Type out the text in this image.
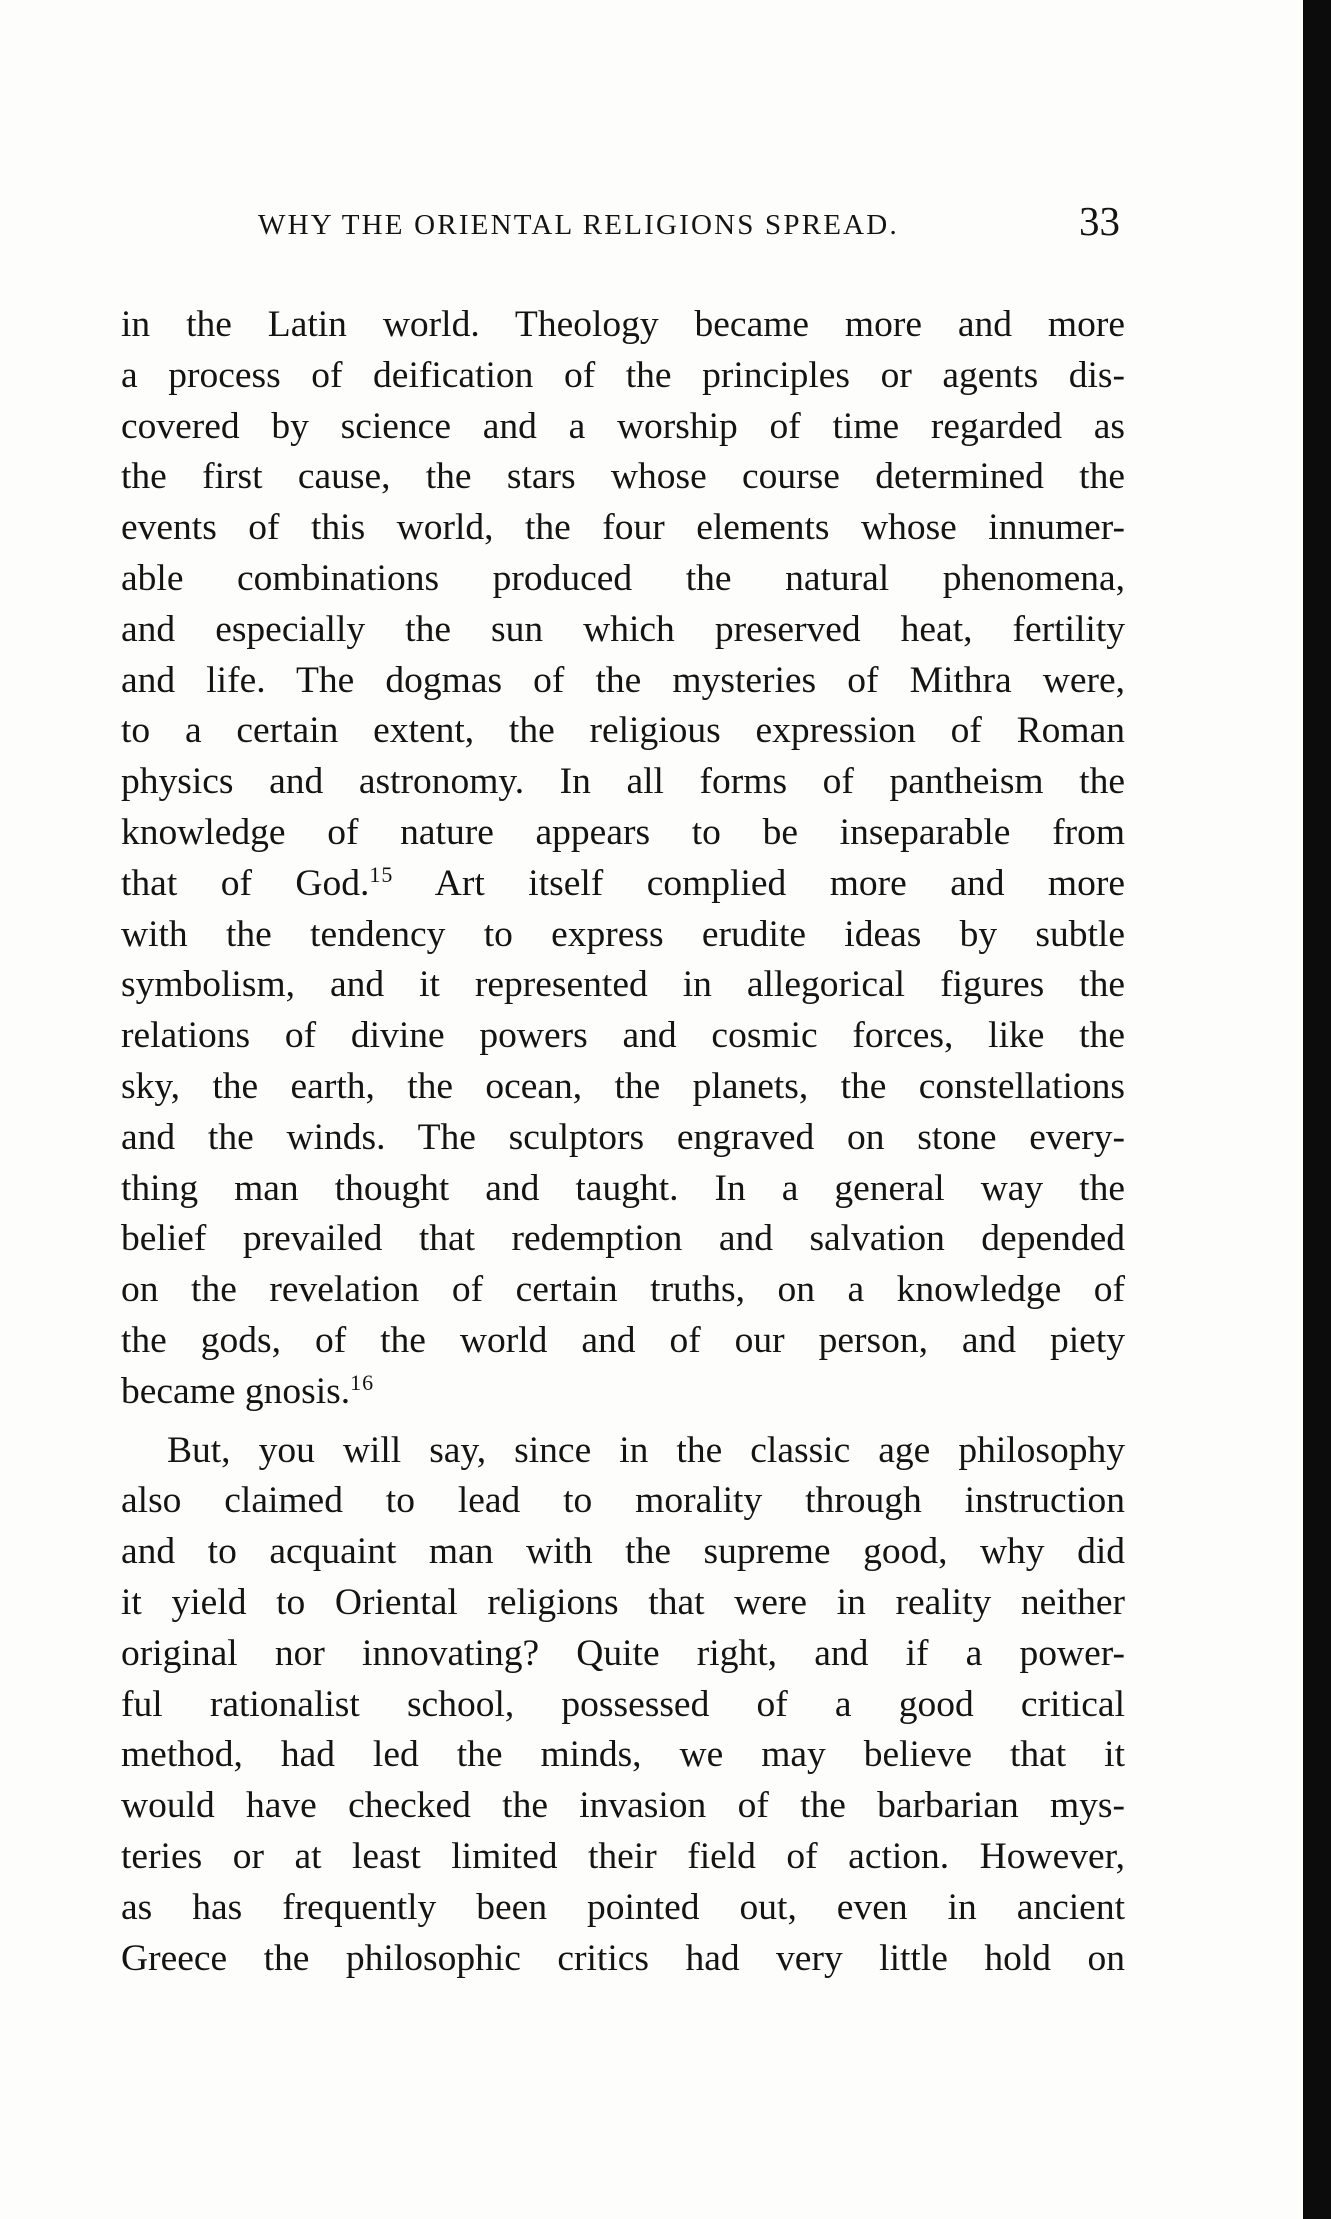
WHY THE ORIENTAL RELIGIONS SPREAD.	33
in the Latin world. Theology became more and more
a process of deification of the principles or agents dis-
covered by science and a worship of time regarded as
the first cause, the stars whose course determined the
events of this world, the four elements whose innumer-
able combinations produced the natural phenomena,
and especially the sun which preserved heat, fertility
and life. The dogmas of the mysteries of Mithra were,
to a certain extent, the religious expression of Roman
physics and astronomy. In all forms of pantheism the
knowledge of nature appears to be inseparable from
that of God.$^{15}$ Art itself complied more and more
with the tendency to express erudite ideas by subtle
symbolism, and it represented in allegorical figures the
relations of divine powers and cosmic forces, like the
sky, the earth, the ocean, the planets, the constellations
and the winds. The sculptors engraved on stone every-
thing man thought and taught. In a general way the
belief prevailed that redemption and salvation depended
on the revelation of certain truths, on a knowledge of
the gods, of the world and of our person, and piety
became gnosis.$^{16}$
But, you will say, since in the classic age philosophy
also claimed to lead to morality through instruction
and to acquaint man with the supreme good, why did
it yield to Oriental religions that were in reality neither
original nor innovating? Quite right, and if a power-
ful rationalist school, possessed of a good critical
method, had led the minds, we may believe that it
would have checked the invasion of the barbarian mys-
teries or at least limited their field of action. However,
as has frequently been pointed out, even in ancient
Greece the philosophic critics had very little hold on
